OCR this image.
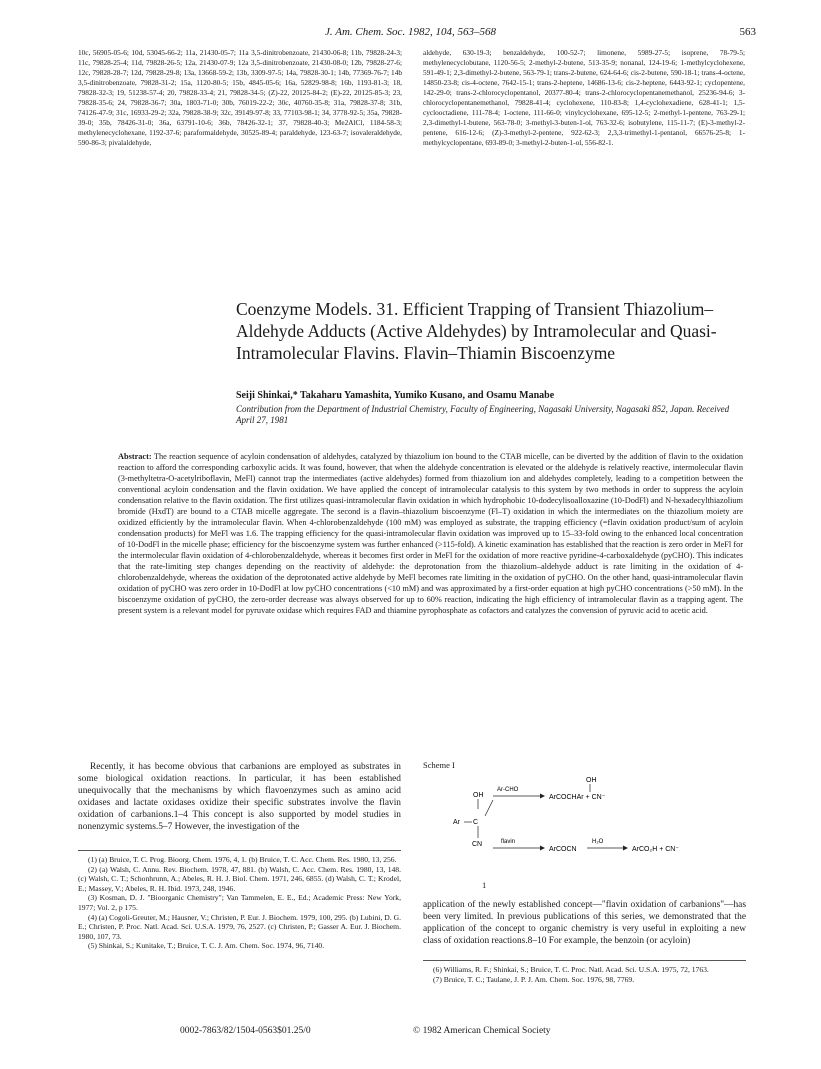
J. Am. Chem. Soc. 1982, 104, 563–568	563
10c, 56905-05-6; 10d, 53045-66-2; 11a, 21430-05-7; 11a 3,5-dinitrobenzoate, 21430-06-8; 11b, 79828-24-3; 11c, 79828-25-4; 11d, 79828-26-5; 12a, 21430-07-9; 12a 3,5-dinitrobenzoate, 21430-08-0; 12b, 79828-27-6; 12c, 79828-28-7; 12d, 79828-29-8; 13a, 13668-59-2; 13b, 3309-97-5; 14a, 79828-30-1; 14b, 77369-76-7; 14b 3,5-dinitrobenzoate, 79828-31-2; 15a, 1120-80-5; 15b, 4845-05-6; 16a, 52829-98-8; 16b, 1193-81-3; 18, 79828-32-3; 19, 51238-57-4; 20, 79828-33-4; 21, 79828-34-5; (Z)-22, 20125-84-2; (E)-22, 20125-85-3; 23, 79828-35-6; 24, 79828-36-7; 30a, 1803-71-0; 30b, 76019-22-2; 30c, 40760-35-8; 31a, 79828-37-8; 31b, 74126-47-9; 31c, 16933-29-2; 32a, 79828-38-9; 32c, 39149-97-8; 33, 77103-98-1; 34, 3778-92-5; 35a, 79828-39-0; 35b, 78426-31-0; 36a, 63791-10-6; 36b, 78426-32-1; 37, 79828-40-3; Me2AlCl, 1184-58-3; methylenecyclohexane, 1192-37-6; paraformaldehyde, 30525-89-4; paraldehyde, 123-63-7; isovaleraldehyde, 590-86-3; pivalaldehyde,
aldehyde, 630-19-3; benzaldehyde, 100-52-7; limonene, 5989-27-5; isoprene, 78-79-5; methylenecyclobutane, 1120-56-5; 2-methyl-2-butene, 513-35-9; nonanal, 124-19-6; 1-methylcyclohexene, 591-49-1; 2,3-dimethyl-2-butene, 563-79-1; trans-2-butene, 624-64-6; cis-2-butene, 590-18-1; trans-4-octene, 14850-23-8; cis-4-octene, 7642-15-1; trans-2-heptene, 14686-13-6; cis-2-heptene, 6443-92-1; cyclopentene, 142-29-0; trans-2-chlorocyclopentanol, 20377-80-4; trans-2-chlorocyclopentanemethanol, 25236-94-6; 3-chlorocyclopentanemethanol, 79828-41-4; cyclohexene, 110-83-8; 1,4-cyclohexadiene, 628-41-1; 1,5-cyclooctadiene, 111-78-4; 1-octene, 111-66-0; vinylcyclohexane, 695-12-5; 2-methyl-1-pentene, 763-29-1; 2,3-dimethyl-1-butene, 563-78-0; 3-methyl-3-buten-1-ol, 763-32-6; isobutylene, 115-11-7; (E)-3-methyl-2-pentene, 616-12-6; (Z)-3-methyl-2-pentene, 922-62-3; 2,3,3-trimethyl-1-pentanol, 66576-25-8; 1-methylcyclopentane, 693-89-0; 3-methyl-2-buten-1-ol, 556-82-1.
Coenzyme Models. 31. Efficient Trapping of Transient Thiazolium–Aldehyde Adducts (Active Aldehydes) by Intramolecular and Quasi-Intramolecular Flavins. Flavin–Thiamin Biscoenzyme
Seiji Shinkai,* Takaharu Yamashita, Yumiko Kusano, and Osamu Manabe
Contribution from the Department of Industrial Chemistry, Faculty of Engineering, Nagasaki University, Nagasaki 852, Japan. Received April 27, 1981
Abstract: The reaction sequence of acyloin condensation of aldehydes, catalyzed by thiazolium ion bound to the CTAB micelle, can be diverted by the addition of flavin to the oxidation reaction to afford the corresponding carboxylic acids. It was found, however, that when the aldehyde concentration is elevated or the aldehyde is relatively reactive, intermolecular flavin (3-methyltetra-O-acetylriboflavin, MeFl) cannot trap the intermediates (active aldehydes) formed from thiazolium ion and aldehydes completely, leading to a competition between the conventional acyloin condensation and the flavin oxidation. We have applied the concept of intramolecular catalysis to this system by two methods in order to suppress the acyloin condensation relative to the flavin oxidation. The first utilizes quasi-intramolecular flavin oxidation in which hydrophobic 10-dodecylisoalloxazine (10-DodFl) and N-hexadecylthiazolium bromide (HxdT) are bound to a CTAB micelle aggregate. The second is a flavin–thiazolium biscoenzyme (Fl–T) oxidation in which the intermediates on the thiazolium moiety are oxidized efficiently by the intramolecular flavin. When 4-chlorobenzaldehyde (100 mM) was employed as substrate, the trapping efficiency (=flavin oxidation product/sum of acyloin condensation products) for MeFl was 1.6. The trapping efficiency for the quasi-intramolecular flavin oxidation was improved up to 15–33-fold owing to the enhanced local concentration of 10-DodFl in the micelle phase; efficiency for the biscoenzyme system was further enhanced (>115-fold). A kinetic examination has established that the reaction is zero order in MeFl for the intermolecular flavin oxidation of 4-chlorobenzaldehyde, whereas it becomes first order in MeFl for the oxidation of more reactive pyridine-4-carboxaldehyde (pyCHO). This indicates that the rate-limiting step changes depending on the reactivity of aldehyde: the deprotonation from the thiazolium–aldehyde adduct is rate limiting in the oxidation of 4-chlorobenzaldehyde, whereas the oxidation of the deprotonated active aldehyde by MeFl becomes rate limiting in the oxidation of pyCHO. On the other hand, quasi-intramolecular flavin oxidation of pyCHO was zero order in 10-DodFl at low pyCHO concentrations (<10 mM) and was approximated by a first-order equation at high pyCHO concentrations (>50 mM). In the biscoenzyme oxidation of pyCHO, the zero-order decrease was always observed for up to 60% reaction, indicating the high efficiency of intramolecular flavin as a trapping agent. The present system is a relevant model for pyruvate oxidase which requires FAD and thiamine pyrophosphate as cofactors and catalyzes the convension of pyruvic acid to acetic acid.
Recently, it has become obvious that carbanions are employed as substrates in some biological oxidation reactions. In particular, it has been established unequivocally that the mechanisms by which flavoenzymes such as amino acid oxidases and lactate oxidases oxidize their specific substrates involve the flavin oxidation of carbanions.1–4 This concept is also supported by model studies in nonenzymic systems.5–7 However, the investigation of the

(1) (a) Bruice, T. C. Prog. Bioorg. Chem. 1976, 4, 1. (b) Bruice, T. C. Acc. Chem. Res. 1980, 13, 256.

(2) (a) Walsh, C. Annu. Rev. Biochem. 1978, 47, 881. (b) Walsh, C. Acc. Chem. Res. 1980, 13, 148. (c) Walsh, C. T.; Schonhrunn, A.; Abeles, R. H. J. Biol. Chem. 1971, 246, 6855. (d) Walsh, C. T.; Krodel, E.; Massey, V.; Abeles, R. H. Ibid. 1973, 248, 1946.

(3) Kosman, D. J. "Bioorganic Chemistry"; Van Tammelen, E. E., Ed.; Academic Press: New York, 1977; Vol. 2, p 175.

(4) (a) Cogoli-Greuter, M.; Hausner, V.; Christen, P. Eur. J. Biochem. 1979, 100, 295. (b) Lubini, D. G. E.; Christen, P. Proc. Natl. Acad. Sci. U.S.A. 1979, 76, 2527. (c) Christen, P.; Gasser A. Eur. J. Biochem. 1980, 107, 73.

(5) Shinkai, S.; Kunitake, T.; Bruice, T. C. J. Am. Chem. Soc. 1974, 96, 7140.

Scheme I
OH
OH
Ar-CHO
ArCOCHAr + CN⁻
Ar C
CN	flavin
ArCOCN
H₂O
ArCO₂H + CN⁻
1
application of the newly established concept—"flavin oxidation of carbanions"—has been very limited. In previous publications of this series, we demonstrated that the application of the concept to organic chemistry is very useful in exploiting a new class of oxidation reactions.8–10 For example, the benzoin (or acyloin)

(6) Williams, R. F.; Shinkai, S.; Bruice, T. C. Proc. Natl. Acad. Sci. U.S.A. 1975, 72, 1763.

(7) Bruice, T. C.; Taulane, J. P. J. Am. Chem. Soc. 1976, 98, 7769.

0002-7863/82/1504-0563$01.25/0	© 1982 American Chemical Society
